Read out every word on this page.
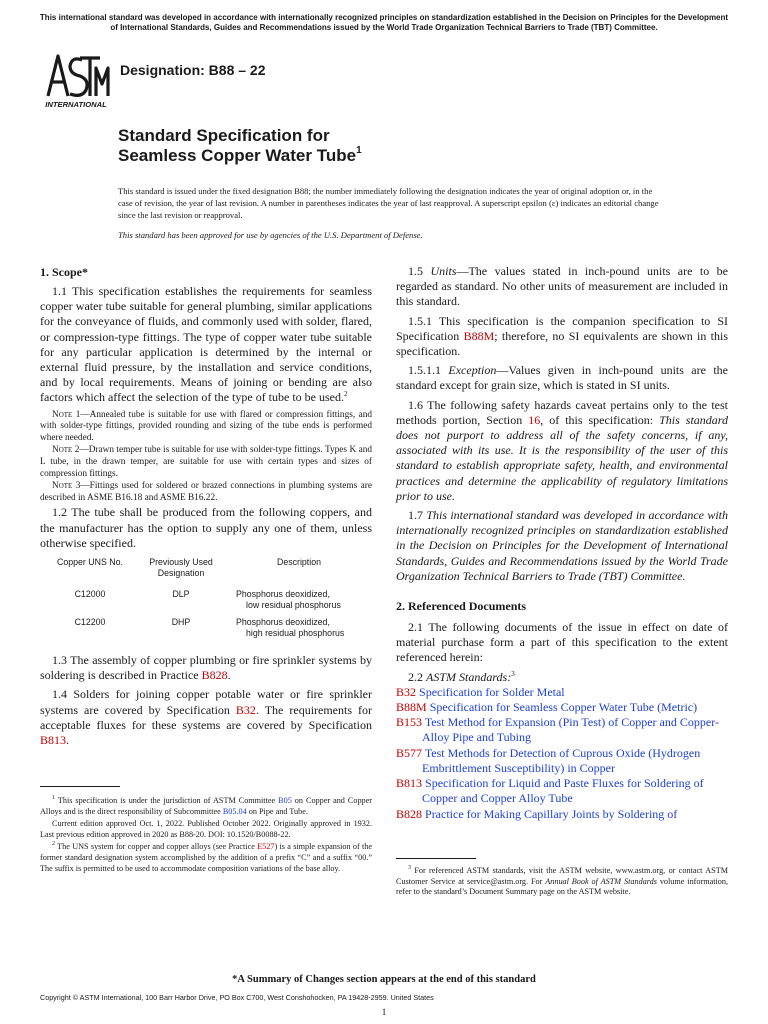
This international standard was developed in accordance with internationally recognized principles on standardization established in the Decision on Principles for the Development of International Standards, Guides and Recommendations issued by the World Trade Organization Technical Barriers to Trade (TBT) Committee.
INTERNATIONAL
Designation: B88 – 22
Standard Specification for
Seamless Copper Water Tube$^1$
This standard is issued under the fixed designation B88; the number immediately following the designation indicates the year of original adoption or, in the case of revision, the year of last revision. A number in parentheses indicates the year of last reapproval. A superscript epsilon (ε) indicates an editorial change since the last revision or reapproval.
This standard has been approved for use by agencies of the U.S. Department of Defense.
1. Scope*

1.1 This specification establishes the requirements for seamless copper water tube suitable for general plumbing, similar applications for the conveyance of fluids, and commonly used with solder, flared, or compression-type fittings. The type of copper water tube suitable for any particular application is determined by the internal or external fluid pressure, by the installation and service conditions, and by local requirements. Means of joining or bending are also factors which affect the selection of the type of tube to be used.$^2$

Note 1—Annealed tube is suitable for use with flared or compression fittings, and with solder-type fittings, provided rounding and sizing of the tube ends is performed where needed.

Note 2—Drawn temper tube is suitable for use with solder-type fittings. Types K and L tube, in the drawn temper, are suitable for use with certain types and sizes of compression fittings.

Note 3—Fittings used for soldered or brazed connections in plumbing systems are described in ASME B16.18 and ASME B16.22.

1.2 The tube shall be produced from the following coppers, and the manufacturer has the option to supply any one of them, unless otherwise specified.

Copper UNS No.	Previously Used Designation	Description
C12000	DLP	Phosphorus deoxidized,
low residual phosphorus

C12200	DHP	Phosphorus deoxidized,
high residual phosphorus

1.3 The assembly of copper plumbing or fire sprinkler systems by soldering is described in Practice B828.

1.4 Solders for joining copper potable water or fire sprinkler systems are covered by Specification B32. The requirements for acceptable fluxes for these systems are covered by Specification B813.

1.5 Units—The values stated in inch-pound units are to be regarded as standard. No other units of measurement are included in this standard.

1.5.1 This specification is the companion specification to SI Specification B88M; therefore, no SI equivalents are shown in this specification.

1.5.1.1 Exception—Values given in inch-pound units are the standard except for grain size, which is stated in SI units.

1.6 The following safety hazards caveat pertains only to the test methods portion, Section 16, of this specification: This standard does not purport to address all of the safety concerns, if any, associated with its use. It is the responsibility of the user of this standard to establish appropriate safety, health, and environmental practices and determine the applicability of regulatory limitations prior to use.

1.7 This international standard was developed in accordance with internationally recognized principles on standardization established in the Decision on Principles for the Development of International Standards, Guides and Recommendations issued by the World Trade Organization Technical Barriers to Trade (TBT) Committee.

2. Referenced Documents

2.1 The following documents of the issue in effect on date of material purchase form a part of this specification to the extent referenced herein:

2.2 ASTM Standards:$^3$

B32 Specification for Solder Metal
B88M Specification for Seamless Copper Water Tube (Metric)
B153 Test Method for Expansion (Pin Test) of Copper and Copper-Alloy Pipe and Tubing
B577 Test Methods for Detection of Cuprous Oxide (Hydrogen Embrittlement Susceptibility) in Copper
B813 Specification for Liquid and Paste Fluxes for Soldering of Copper and Copper Alloy Tube
B828 Practice for Making Capillary Joints by Soldering of

$^1$ This specification is under the jurisdiction of ASTM Committee B05 on Copper and Copper Alloys and is the direct responsibility of Subcommittee B05.04 on Pipe and Tube.

Current edition approved Oct. 1, 2022. Published October 2022. Originally approved in 1932. Last previous edition approved in 2020 as B88-20. DOI: 10.1520/B0088-22.

$^2$ The UNS system for copper and copper alloys (see Practice E527) is a simple expansion of the former standard designation system accomplished by the addition of a prefix “C” and a suffix “00.” The suffix is permitted to be used to accommodate composition variations of the base alloy.	$^3$ For referenced ASTM standards, visit the ASTM website, www.astm.org, or contact ASTM Customer Service at service@astm.org. For Annual Book of ASTM Standards volume information, refer to the standard’s Document Summary page on the ASTM website.

*A Summary of Changes section appears at the end of this standard
Copyright © ASTM International, 100 Barr Harbor Drive, PO Box C700, West Conshohocken, PA 19428-2959. United States
1
